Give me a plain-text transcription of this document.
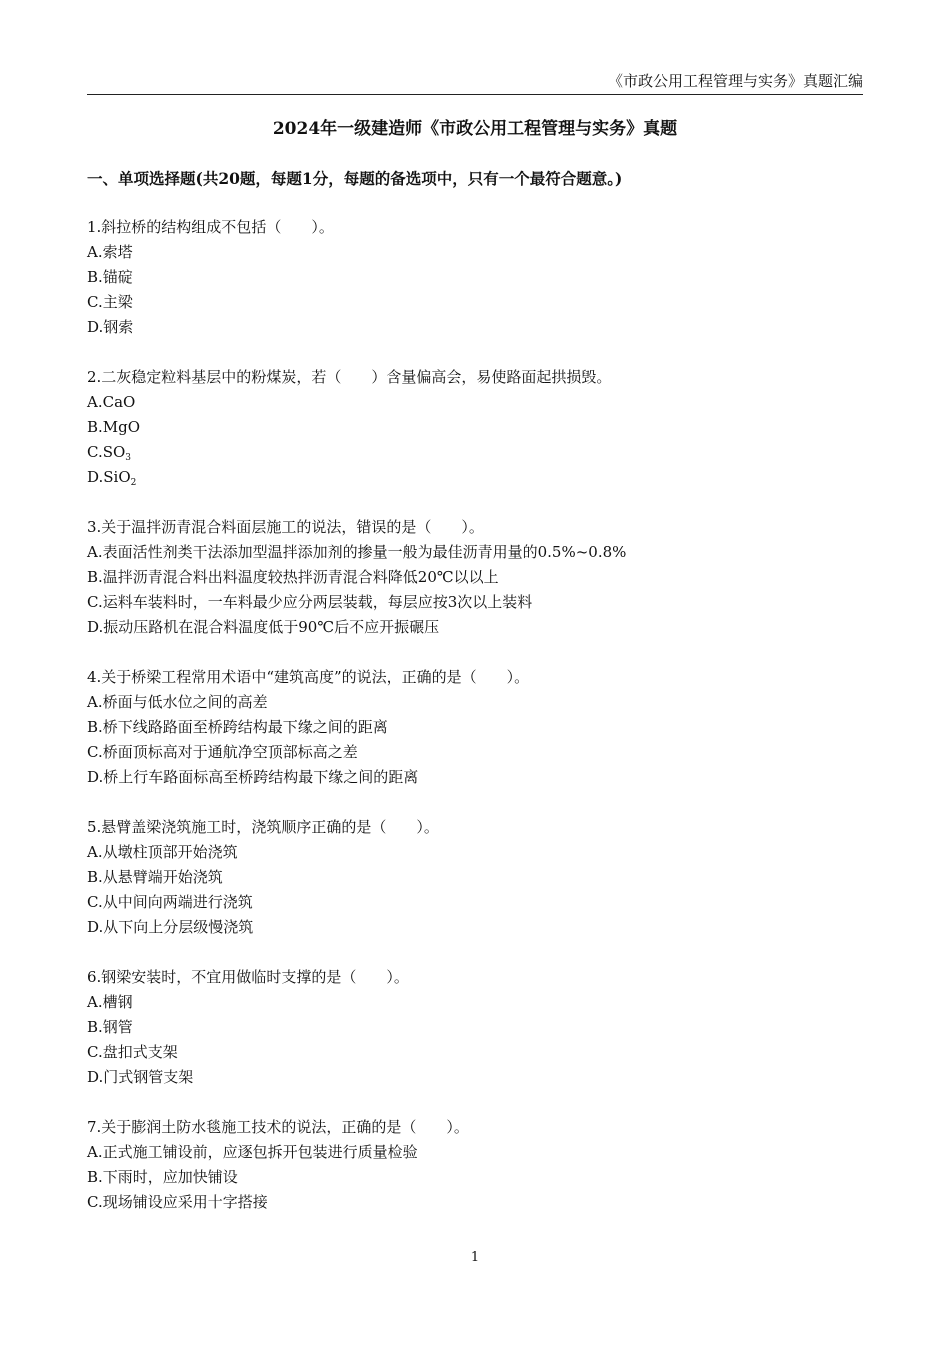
《市政公用工程管理与实务》真题汇编
2024年一级建造师《市政公用工程管理与实务》真题
一、单项选择题(共20题，每题1分，每题的备选项中，只有一个最符合题意。)
1.斜拉桥的结构组成不包括（　　）。
A.索塔
B.锚碇
C.主梁
D.钢索
2.二灰稳定粒料基层中的粉煤炭，若（　　）含量偏高会，易使路面起拱损毁。
A.CaO
B.MgO
$C.SO_3$
D.SiO$_2$
3.关于温拌沥青混合料面层施工的说法，错误的是（　　）。
A.表面活性剂类干法添加型温拌添加剂的掺量一般为最佳沥青用量的0.5%~0.8%
B.温拌沥青混合料出料温度较热拌沥青混合料降低20℃以以上
C.运料车装料时，一车料最少应分两层装载，每层应按3次以上装料
D.振动压路机在混合料温度低于90℃后不应开振碾压
4.关于桥梁工程常用术语中“建筑高度”的说法，正确的是（　　）。
A.桥面与低水位之间的高差
B.桥下线路路面至桥跨结构最下缘之间的距离
C.桥面顶标高对于通航净空顶部标高之差
D.桥上行车路面标高至桥跨结构最下缘之间的距离
5.悬臂盖梁浇筑施工时，浇筑顺序正确的是（　　）。
A.从墩柱顶部开始浇筑
B.从悬臂端开始浇筑
C.从中间向两端进行浇筑
D.从下向上分层级慢浇筑
6.钢梁安装时，不宜用做临时支撑的是（　　）。
A.槽钢
B.钢管
C.盘扣式支架
D.门式钢管支架
7.关于膨润土防水毯施工技术的说法，正确的是（　　）。
A.正式施工铺设前，应逐包拆开包装进行质量检验
B.下雨时，应加快铺设
C.现场铺设应采用十字搭接
1
